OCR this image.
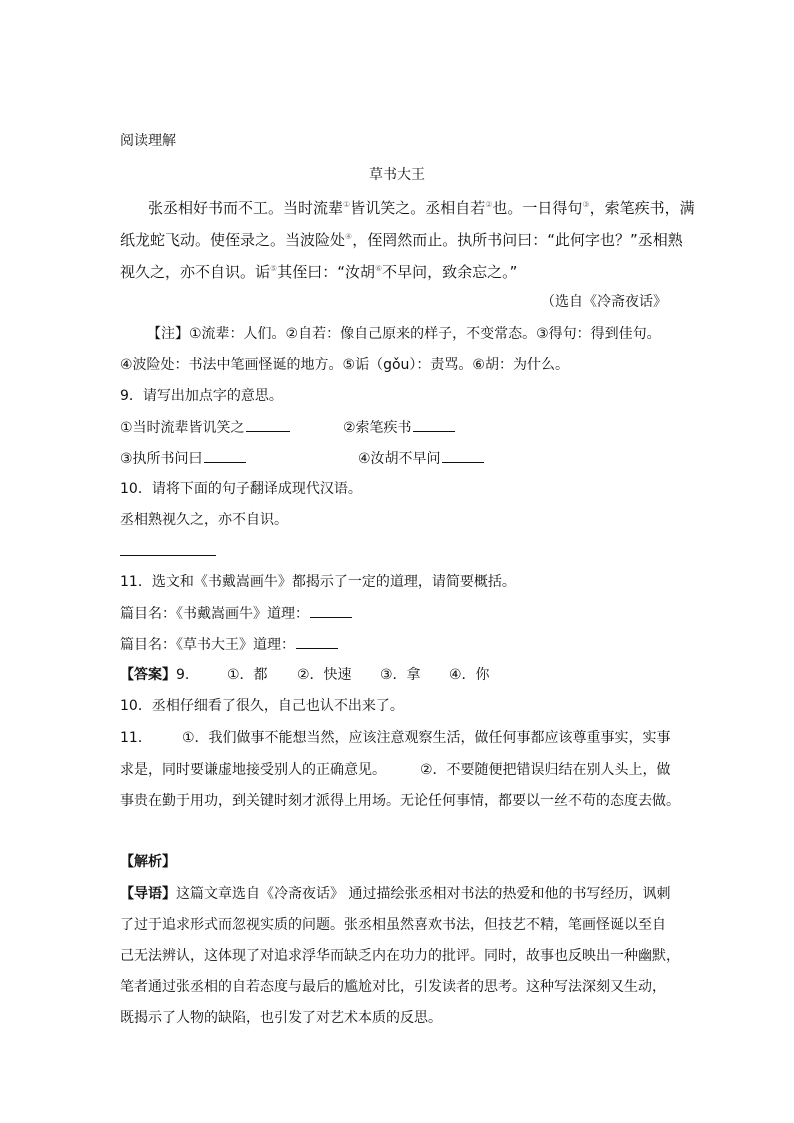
阅读理解
草书大王
张丞相好书而不工。当时流辈①皆讥笑之。丞相自若②也。一日得句③，索笔疾书，满
纸龙蛇飞动。使侄录之。当波险处④，侄罔然而止。执所书问曰：“此何字也？”丞相熟
视久之，亦不自识。诟⑤其侄曰：“汝胡⑥不早问，致余忘之。”
（选自《冷斋夜话》
【注】①流辈：人们。②自若：像自己原来的样子，不变常态。③得句：得到佳句。
④波险处：书法中笔画怪诞的地方。⑤诟（gǒu）：责骂。⑥胡：为什么。
9．请写出加点字的意思。
①当时流辈皆讥笑之	②索笔疾书
③执所书问曰	④汝胡不早问
10．请将下面的句子翻译成现代汉语。
丞相熟视久之，亦不自识。
11．选文和《书戴嵩画牛》都揭示了一定的道理，请简要概括。
篇目名：《书戴嵩画牛》道理：
篇目名：《草书大王》道理：
【答案】9.	①．都 ②．快速 ③．拿 ④．你
10．丞相仔细看了很久，自己也认不出来了。
11． ①．我们做事不能想当然，应该注意观察生活，做任何事都应该尊重事实，实事
求是，同时要谦虚地接受别人的正确意见。 ②．不要随便把错误归结在别人头上，做
事贵在勤于用功，到关键时刻才派得上用场。无论任何事情，都要以一丝不苟的态度去做。
【解析】
【导语】这篇文章选自《冷斋夜话》 通过描绘张丞相对书法的热爱和他的书写经历，讽刺
了过于追求形式而忽视实质的问题。张丞相虽然喜欢书法，但技艺不精，笔画怪诞以至自
己无法辨认，这体现了对追求浮华而缺乏内在功力的批评。同时，故事也反映出一种幽默，
笔者通过张丞相的自若态度与最后的尴尬对比，引发读者的思考。这种写法深刻又生动，
既揭示了人物的缺陷，也引发了对艺术本质的反思。
